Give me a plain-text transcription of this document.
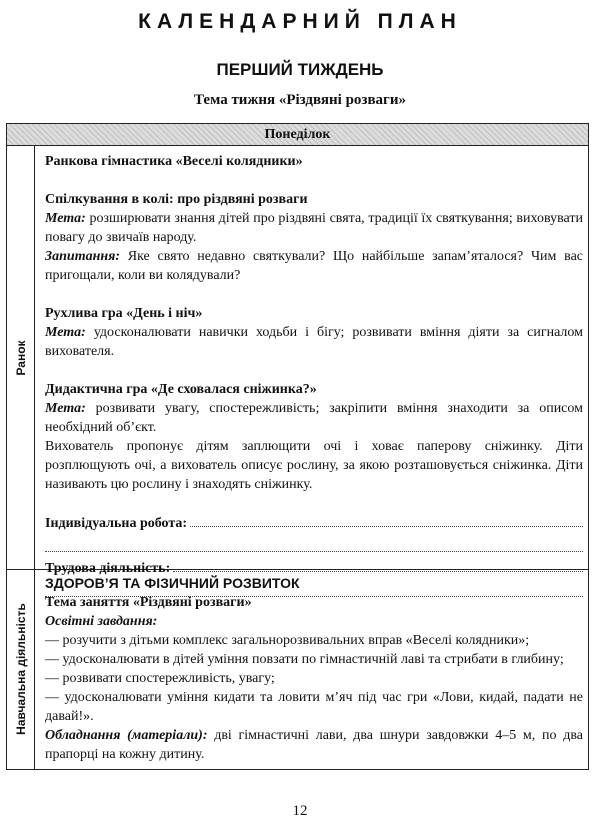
КАЛЕНДАРНИЙ ПЛАН
ПЕРШИЙ ТИЖДЕНЬ
Тема тижня «Різдвяні розваги»
Понеділок
Ранок
Навчальна діяльність

Ранкова гімнастика «Веселі колядники»

Спілкування в колі: про різдвяні розваги

Мета: розширювати знання дітей про різдвяні свята, традиції їх святкування; виховувати повагу до звичаїв народу.

Запитання: Яке свято недавно святкували? Що найбільше запам’яталося? Чим вас пригощали, коли ви колядували?

Рухлива гра «День і ніч»

Мета: удосконалювати навички ходьби і бігу; розвивати вміння діяти за сигналом вихователя.

Дидактична гра «Де сховалася сніжинка?»

Мета: розвивати увагу, спостережливість; закріпити вміння знаходити за описом необхідний об’єкт.

Вихователь пропонує дітям заплющити очі і ховає паперову сніжинку. Діти розплющують очі, а вихователь описує рослину, за якою розташовується сніжинка. Діти називають цю рослину і знаходять сніжинку.

Індивідуальна робота:
Трудова діяльність:

ЗДОРОВ’Я ТА ФІЗИЧНИЙ РОЗВИТОК

Тема заняття «Різдвяні розваги»

Освітні завдання:

— розучити з дітьми комплекс загальнорозвивальних вправ «Веселі колядники»;

— удосконалювати в дітей уміння повзати по гімнастичній лаві та стрибати в глибину;

— розвивати спостережливість, увагу;

— удосконалювати уміння кидати та ловити м’яч під час гри «Лови, кидай, падати не давай!».

Обладнання (матеріали): дві гімнастичні лави, два шнури завдовжки 4–5 м, по два прапорці на кожну дитину.

12
